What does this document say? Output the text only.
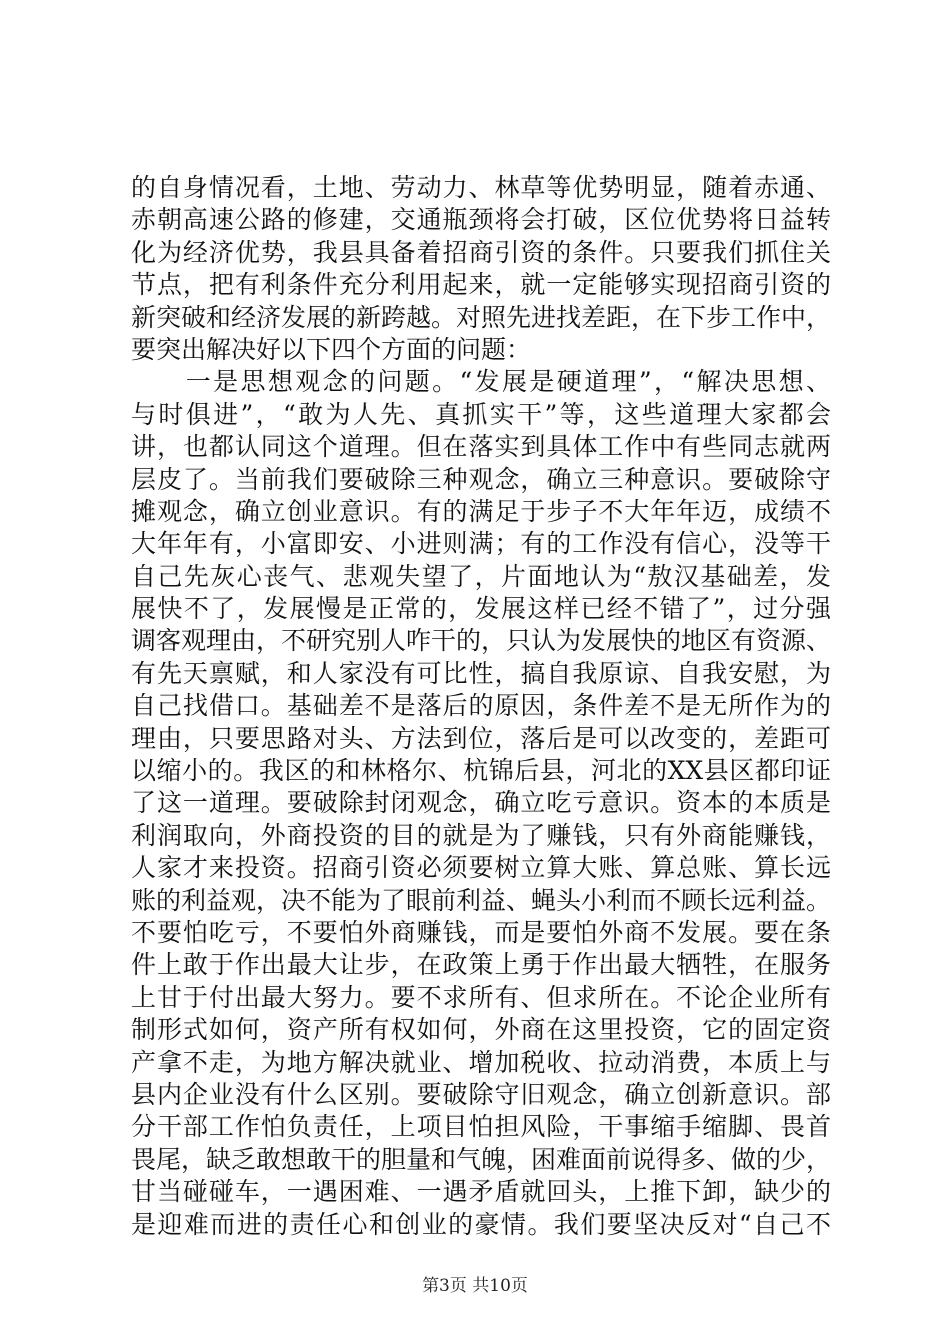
的自身情况看，土地、劳动力、林草等优势明显，随着赤通、
赤朝高速公路的修建，交通瓶颈将会打破，区位优势将日益转
化为经济优势，我县具备着招商引资的条件。只要我们抓住关
节点，把有利条件充分利用起来，就一定能够实现招商引资的
新突破和经济发展的新跨越。对照先进找差距，在下步工作中，
要突出解决好以下四个方面的问题：
　　一是思想观念的问题。“发展是硬道理”，“解决思想、
与时俱进”，“敢为人先、真抓实干”等，这些道理大家都会
讲，也都认同这个道理。但在落实到具体工作中有些同志就两
层皮了。当前我们要破除三种观念，确立三种意识。要破除守
摊观念，确立创业意识。有的满足于步子不大年年迈，成绩不
大年年有，小富即安、小进则满；有的工作没有信心，没等干
自己先灰心丧气、悲观失望了，片面地认为“敖汉基础差，发
展快不了，发展慢是正常的，发展这样已经不错了”，过分强
调客观理由，不研究别人咋干的，只认为发展快的地区有资源、
有先天禀赋，和人家没有可比性，搞自我原谅、自我安慰，为
自己找借口。基础差不是落后的原因，条件差不是无所作为的
理由，只要思路对头、方法到位，落后是可以改变的，差距可
以缩小的。我区的和林格尔、杭锦后县，河北的XX县区都印证
了这一道理。要破除封闭观念，确立吃亏意识。资本的本质是
利润取向，外商投资的目的就是为了赚钱，只有外商能赚钱，
人家才来投资。招商引资必须要树立算大账、算总账、算长远
账的利益观，决不能为了眼前利益、蝇头小利而不顾长远利益。
不要怕吃亏，不要怕外商赚钱，而是要怕外商不发展。要在条
件上敢于作出最大让步，在政策上勇于作出最大牺牲，在服务
上甘于付出最大努力。要不求所有、但求所在。不论企业所有
制形式如何，资产所有权如何，外商在这里投资，它的固定资
产拿不走，为地方解决就业、增加税收、拉动消费，本质上与
县内企业没有什么区别。要破除守旧观念，确立创新意识。部
分干部工作怕负责任，上项目怕担风险，干事缩手缩脚、畏首
畏尾，缺乏敢想敢干的胆量和气魄，困难面前说得多、做的少，
甘当碰碰车，一遇困难、一遇矛盾就回头，上推下卸，缺少的
是迎难而进的责任心和创业的豪情。我们要坚决反对“自己不
第3页 共10页
